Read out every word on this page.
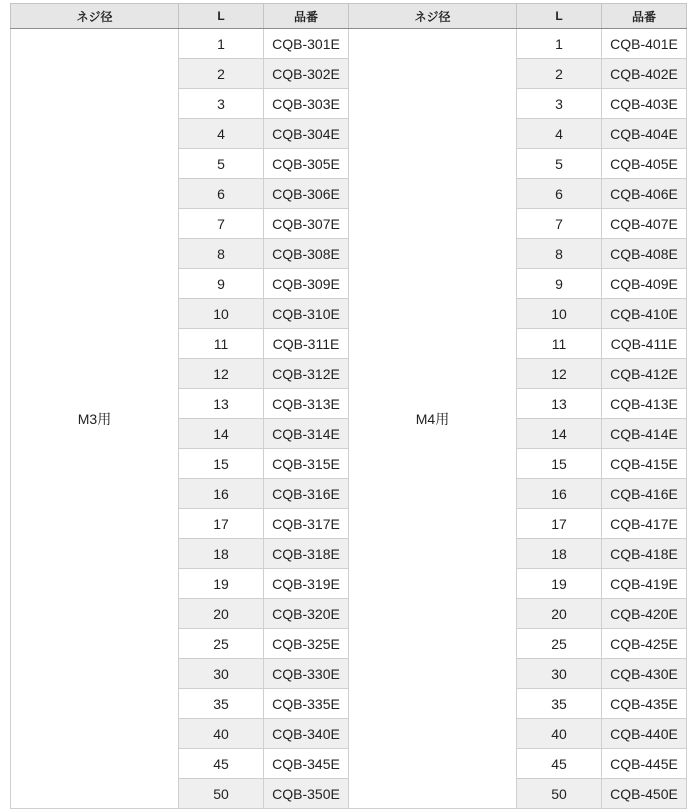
ネジ径	L	品番	ネジ径	L	品番
M3用	1	CQB-301E	M4用	1	CQB-401E
	2	CQB-302E		2	CQB-402E
	3	CQB-303E		3	CQB-403E
	4	CQB-304E		4	CQB-404E
	5	CQB-305E		5	CQB-405E
	6	CQB-306E		6	CQB-406E
	7	CQB-307E		7	CQB-407E
	8	CQB-308E		8	CQB-408E
	9	CQB-309E		9	CQB-409E
	10	CQB-310E		10	CQB-410E
	11	CQB-311E		11	CQB-411E
	12	CQB-312E		12	CQB-412E
	13	CQB-313E		13	CQB-413E
	14	CQB-314E		14	CQB-414E
	15	CQB-315E		15	CQB-415E
	16	CQB-316E		16	CQB-416E
	17	CQB-317E		17	CQB-417E
	18	CQB-318E		18	CQB-418E
	19	CQB-319E		19	CQB-419E
	20	CQB-320E		20	CQB-420E
	25	CQB-325E		25	CQB-425E
	30	CQB-330E		30	CQB-430E
	35	CQB-335E		35	CQB-435E
	40	CQB-340E		40	CQB-440E
	45	CQB-345E		45	CQB-445E
	50	CQB-350E		50	CQB-450E
